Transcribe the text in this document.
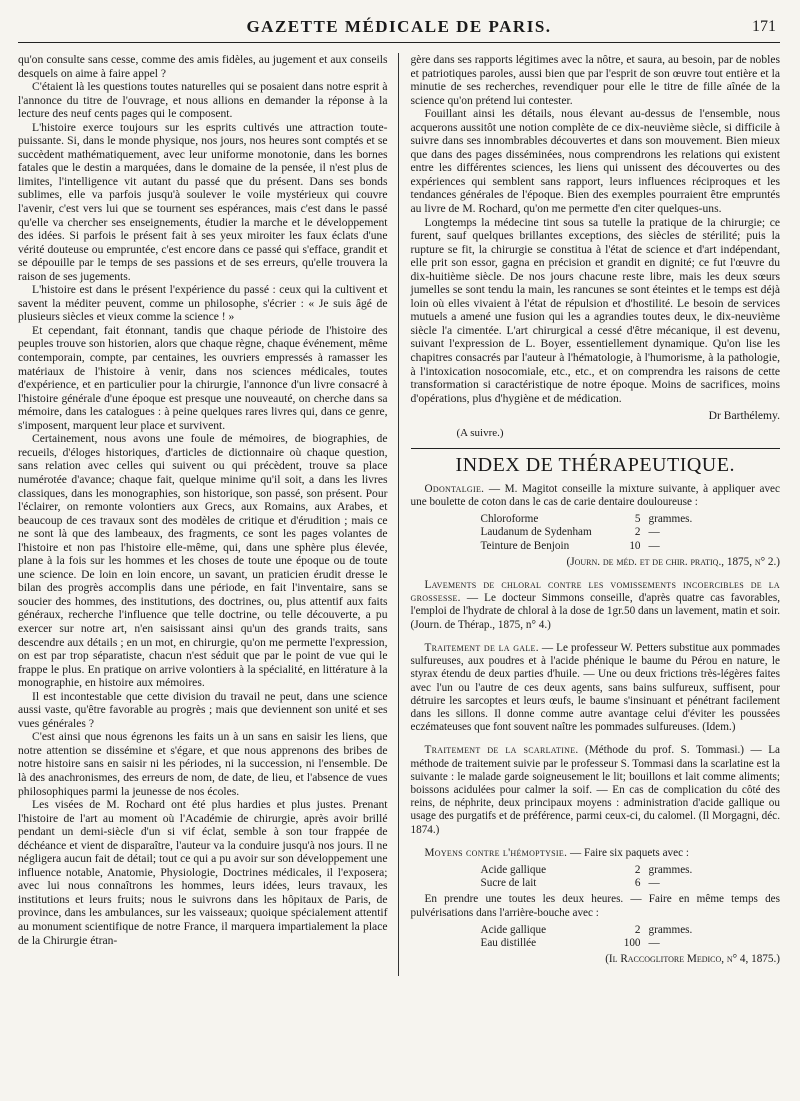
GAZETTE MÉDICALE DE PARIS.	171

qu'on consulte sans cesse, comme des amis fidèles, au jugement et aux conseils desquels on aime à faire appel ?

C'étaient là les questions toutes naturelles qui se posaient dans notre esprit à l'annonce du titre de l'ouvrage, et nous allions en demander la réponse à la lecture des neuf cents pages qui le composent.

L'histoire exerce toujours sur les esprits cultivés une attraction toute-puissante. Si, dans le monde physique, nos jours, nos heures sont comptés et se succèdent mathématiquement, avec leur uniforme monotonie, dans les bornes fatales que le destin a marquées, dans le domaine de la pensée, il n'est plus de limites, l'intelligence vit autant du passé que du présent. Dans ses bonds sublimes, elle va parfois jusqu'à soulever le voile mystérieux qui couvre l'avenir, c'est vers lui que se tournent ses espérances, mais c'est dans le passé qu'elle va chercher ses enseignements, étudier la marche et le développement des idées. Si parfois le présent fait à ses yeux miroiter les faux éclats d'une vérité douteuse ou empruntée, c'est encore dans ce passé qui s'efface, grandit et se dépouille par le temps de ses passions et de ses erreurs, qu'elle trouvera la raison de ses jugements.

L'histoire est dans le présent l'expérience du passé : ceux qui la cultivent et savent la méditer peuvent, comme un philosophe, s'écrier : « Je suis âgé de plusieurs siècles et vieux comme la science ! »

Et cependant, fait étonnant, tandis que chaque période de l'histoire des peuples trouve son historien, alors que chaque règne, chaque événement, même contemporain, compte, par centaines, les ouvriers empressés à ramasser les matériaux de l'histoire à venir, dans nos sciences médicales, toutes d'expérience, et en particulier pour la chirurgie, l'annonce d'un livre consacré à l'histoire générale d'une époque est presque une nouveauté, on cherche dans sa mémoire, dans les catalogues : à peine quelques rares livres qui, dans ce genre, s'imposent, marquent leur place et survivent.

Certainement, nous avons une foule de mémoires, de biographies, de recueils, d'éloges historiques, d'articles de dictionnaire où chaque question, sans relation avec celles qui suivent ou qui précèdent, trouve sa place numérotée d'avance; chaque fait, quelque minime qu'il soit, a dans les livres classiques, dans les monographies, son historique, son passé, son présent. Pour l'éclairer, on remonte volontiers aux Grecs, aux Romains, aux Arabes, et beaucoup de ces travaux sont des modèles de critique et d'érudition ; mais ce ne sont là que des lambeaux, des fragments, ce sont les pages volantes de l'histoire et non pas l'histoire elle-même, qui, dans une sphère plus élevée, plane à la fois sur les hommes et les choses de toute une époque ou de toute une science. De loin en loin encore, un savant, un praticien érudit dresse le bilan des progrès accomplis dans une période, en fait l'inventaire, sans se soucier des hommes, des institutions, des doctrines, ou, plus attentif aux faits généraux, recherche l'influence que telle doctrine, ou telle découverte, a pu exercer sur notre art, n'en saisissant ainsi qu'un des grands traits, sans descendre aux détails ; en un mot, en chirurgie, qu'on me permette l'expression, on est par trop séparatiste, chacun n'est séduit que par le point de vue qui le frappe le plus. En pratique on arrive volontiers à la spécialité, en littérature à la monographie, en histoire aux mémoires.

Il est incontestable que cette division du travail ne peut, dans une science aussi vaste, qu'être favorable au progrès ; mais que deviennent son unité et ses vues générales ?

C'est ainsi que nous égrenons les faits un à un sans en saisir les liens, que notre attention se dissémine et s'égare, et que nous apprenons des bribes de notre histoire sans en saisir ni les périodes, ni la succession, ni l'ensemble. De là des anachronismes, des erreurs de nom, de date, de lieu, et l'absence de vues philosophiques parmi la jeunesse de nos écoles.

Les visées de M. Rochard ont été plus hardies et plus justes. Prenant l'histoire de l'art au moment où l'Académie de chirurgie, après avoir brillé pendant un demi-siècle d'un si vif éclat, semble à son tour frappée de déchéance et vient de disparaître, l'auteur va la conduire jusqu'à nos jours. Il ne négligera aucun fait de détail; tout ce qui a pu avoir sur son développement une influence notable, Anatomie, Physiologie, Doctrines médicales, il l'exposera; avec lui nous connaîtrons les hommes, leurs idées, leurs travaux, les institutions et leurs fruits; nous le suivrons dans les hôpitaux de Paris, de province, dans les ambulances, sur les vaisseaux; quoique spécialement attentif au monument scientifique de notre France, il marquera impartialement la place de la Chirurgie étran-

gère dans ses rapports légitimes avec la nôtre, et saura, au besoin, par de nobles et patriotiques paroles, aussi bien que par l'esprit de son œuvre tout entière et la minutie de ses recherches, revendiquer pour elle le titre de fille aînée de la science qu'on prétend lui contester.

Fouillant ainsi les détails, nous élevant au-dessus de l'ensemble, nous acquerons aussitôt une notion complète de ce dix-neuvième siècle, si difficile à suivre dans ses innombrables découvertes et dans son mouvement. Bien mieux que dans des pages disséminées, nous comprendrons les relations qui existent entre les différentes sciences, les liens qui unissent des découvertes ou des expériences qui semblent sans rapport, leurs influences réciproques et les tendances générales de l'époque. Bien des exemples pourraient être empruntés au livre de M. Rochard, qu'on me permette d'en citer quelques-uns.

Longtemps la médecine tint sous sa tutelle la pratique de la chirurgie; ce furent, sauf quelques brillantes exceptions, des siècles de stérilité; puis la rupture se fit, la chirurgie se constitua à l'état de science et d'art indépendant, elle prit son essor, gagna en précision et grandit en dignité; ce fut l'œuvre du dix-huitième siècle. De nos jours chacune reste libre, mais les deux sœurs jumelles se sont tendu la main, les rancunes se sont éteintes et le temps est déjà loin où elles vivaient à l'état de répulsion et d'hostilité. Le besoin de services mutuels a amené une fusion qui les a agrandies toutes deux, le dix-neuvième siècle l'a cimentée. L'art chirurgical a cessé d'être mécanique, il est devenu, suivant l'expression de L. Boyer, essentiellement dynamique. Qu'on lise les chapitres consacrés par l'auteur à l'hématologie, à l'humorisme, à la pathologie, à l'intoxication nosocomiale, etc., etc., et on comprendra les raisons de cette transformation si caractéristique de notre époque. Moins de sacrifices, moins d'opérations, plus d'hygiène et de médication.

Dr Barthélemy.
(A suivre.)
INDEX DE THÉRAPEUTIQUE.

Odontalgie. — M. Magitot conseille la mixture suivante, à appliquer avec une boulette de coton dans le cas de carie dentaire douloureuse :

Chloroforme	5 grammes.
Laudanum de Sydenham	2 —
Teinture de Benjoin	10 —
(Journ. de méd. et de chir. pratiq., 1875, n° 2.)

Lavements de chloral contre les vomissements incoercibles de la grossesse. — Le docteur Simmons conseille, d'après quatre cas favorables, l'emploi de l'hydrate de chloral à la dose de 1gr.50 dans un lavement, matin et soir. (Journ. de Thérap., 1875, n° 4.)

Traitement de la gale. — Le professeur W. Petters substitue aux pommades sulfureuses, aux poudres et à l'acide phénique le baume du Pérou en nature, le styrax étendu de deux parties d'huile. — Une ou deux frictions très-légères faites avec l'un ou l'autre de ces deux agents, sans bains sulfureux, suffisent, pour détruire les sarcoptes et leurs œufs, le baume s'insinuant et pénétrant facilement dans les sillons. Il donne comme autre avantage celui d'éviter les poussées eczémateuses que font souvent naître les pommades sulfureuses. (Idem.)

Traitement de la scarlatine. (Méthode du prof. S. Tommasi.) — La méthode de traitement suivie par le professeur S. Tommasi dans la scarlatine est la suivante : le malade garde soigneusement le lit; bouillons et lait comme aliments; boissons acidulées pour calmer la soif. — En cas de complication du côté des reins, de néphrite, deux principaux moyens : administration d'acide gallique ou usage des purgatifs et de préférence, parmi ceux-ci, du calomel. (Il Morgagni, déc. 1874.)

Moyens contre l'hémoptysie. — Faire six paquets avec :

Acide gallique	2 grammes.
Sucre de lait	6 —

En prendre une toutes les deux heures. — Faire en même temps des pulvérisations dans l'arrière-bouche avec :

Acide gallique	2 grammes.
Eau distillée	100 —
(Il Raccoglitore Medico, n° 4, 1875.)
